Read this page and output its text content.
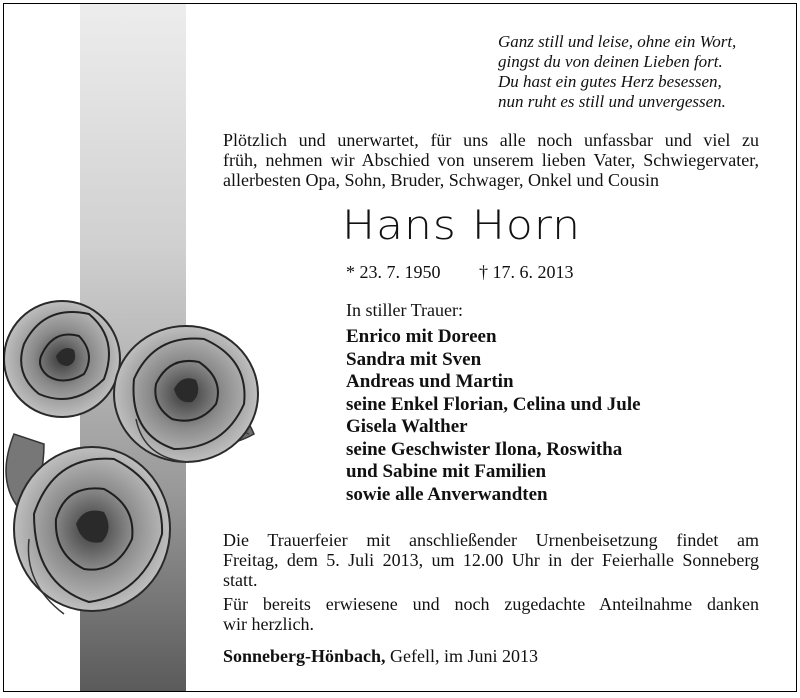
Ganz still und leise, ohne ein Wort,
gingst du von deinen Lieben fort.
Du hast ein gutes Herz besessen,
nun ruht es still und unvergessen.
Plötzlich und unerwartet, für uns alle noch unfassbar und viel zu
früh, nehmen wir Abschied von unserem lieben Vater, Schwiegervater,
allerbesten Opa, Sohn, Bruder, Schwager, Onkel und Cousin
Hans Horn
* 23. 7. 1950 † 17. 6. 2013
In stiller Trauer:
Enrico mit Doreen
Sandra mit Sven
Andreas und Martin
seine Enkel Florian, Celina und Jule
Gisela Walther
seine Geschwister Ilona, Roswitha
und Sabine mit Familien
sowie alle Anverwandten
Die Trauerfeier mit anschließender Urnenbeisetzung findet am
Freitag, dem 5. Juli 2013, um 12.00 Uhr in der Feierhalle Sonneberg
statt.
Für bereits erwiesene und noch zugedachte Anteilnahme danken
wir herzlich.
Sonneberg-Hönbach, Gefell, im Juni 2013
